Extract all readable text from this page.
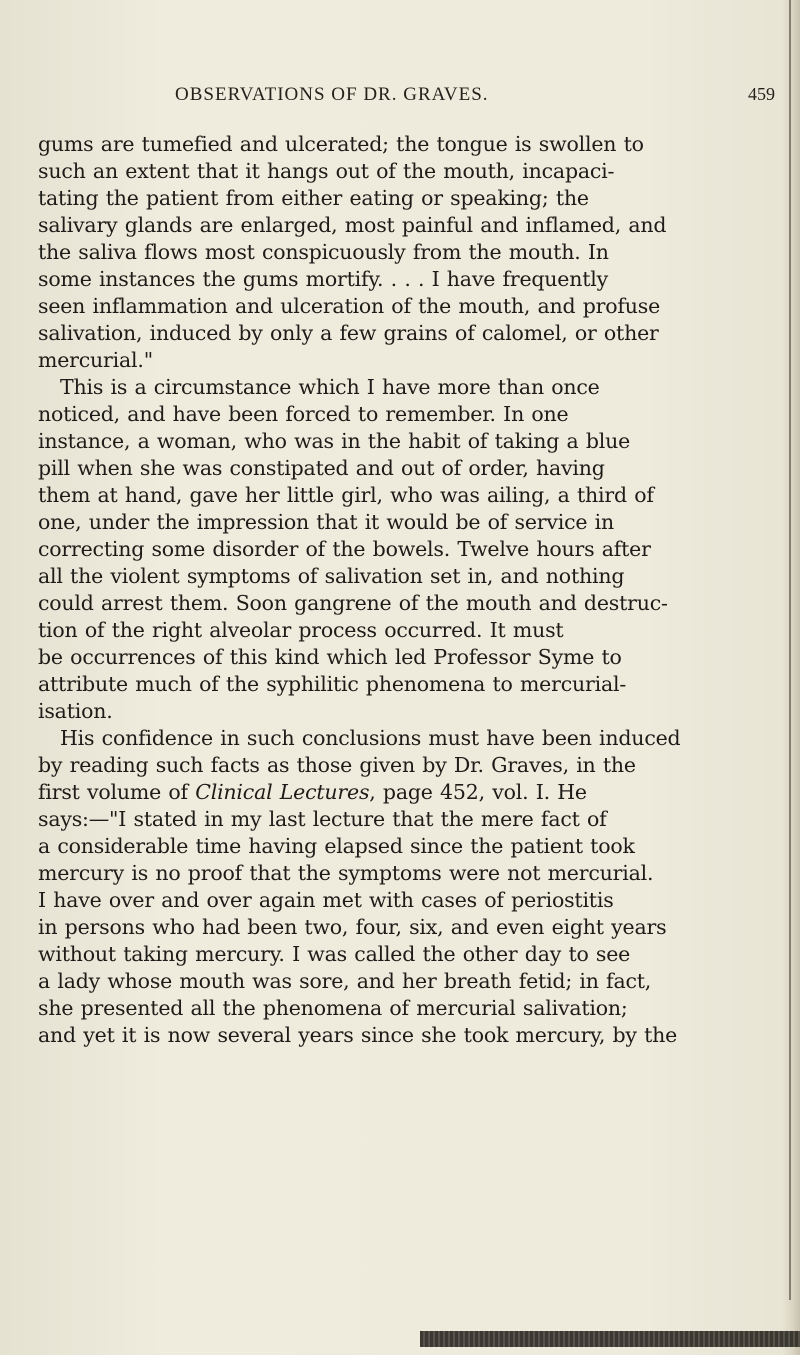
OBSERVATIONS OF DR. GRAVES.	459
gums are tumefied and ulcerated; the tongue is swollen to
such an extent that it hangs out of the mouth, incapaci-
tating the patient from either eating or speaking; the
salivary glands are enlarged, most painful and inflamed, and
the saliva flows most conspicuously from the mouth. In
some instances the gums mortify. . . . I have frequently
seen inflammation and ulceration of the mouth, and profuse
salivation, induced by only a few grains of calomel, or other
mercurial."
This is a circumstance which I have more than once
noticed, and have been forced to remember. In one
instance, a woman, who was in the habit of taking a blue
pill when she was constipated and out of order, having
them at hand, gave her little girl, who was ailing, a third of
one, under the impression that it would be of service in
correcting some disorder of the bowels. Twelve hours after
all the violent symptoms of salivation set in, and nothing
could arrest them. Soon gangrene of the mouth and destruc-
tion of the right alveolar process occurred. It must
be occurrences of this kind which led Professor Syme to
attribute much of the syphilitic phenomena to mercurial-
isation.
His confidence in such conclusions must have been induced
by reading such facts as those given by Dr. Graves, in the
first volume of Clinical Lectures, page 452, vol. I. He
says:—"I stated in my last lecture that the mere fact of
a considerable time having elapsed since the patient took
mercury is no proof that the symptoms were not mercurial.
I have over and over again met with cases of periostitis
in persons who had been two, four, six, and even eight years
without taking mercury. I was called the other day to see
a lady whose mouth was sore, and her breath fetid; in fact,
she presented all the phenomena of mercurial salivation;
and yet it is now several years since she took mercury, by the
